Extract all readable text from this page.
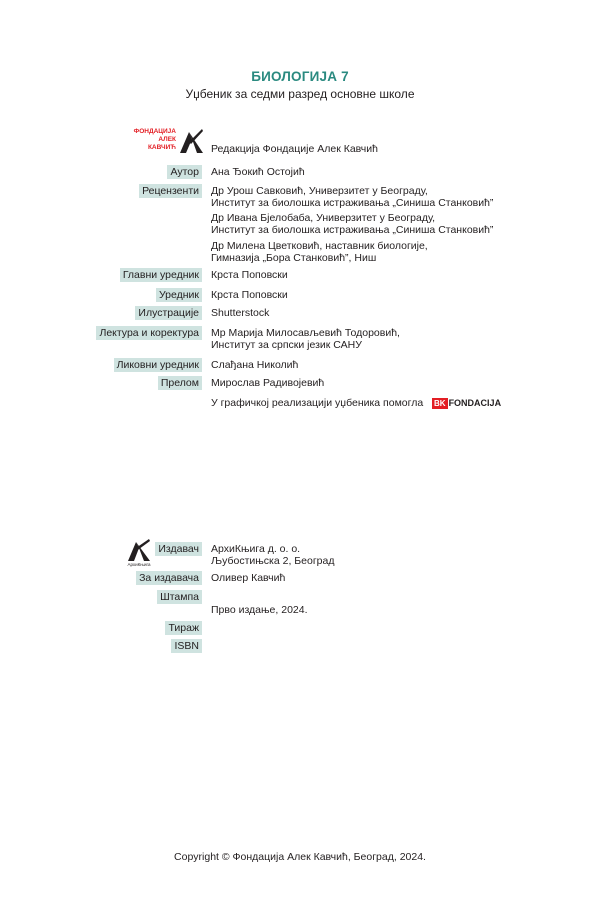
БИОЛОГИЈА 7
Уџбеник за седми разред основне школе
ФОНДАЦИЈА
АЛЕК
КАВЧИЋ	Редакција Фондације Алек Кавчић
Аутор Ана Ђокић Остојић
Рецензенти Др Урош Савковић, Универзитет у Београду,
Институт за биолошка истраживања „Синиша Станковић”
Др Ивана Бјелобаба, Универзитет у Београду,
Институт за биолошка истраживања „Синиша Станковић”
Др Милена Цветковић, наставник биологије,
Гимназија „Бора Станковић”, Ниш
Главни уредник Крста Поповски
Уредник Крста Поповски
Илустрације Shutterstock
Лектура и коректура Мр Марија Милосављевић Тодоровић,
Институт за српски језик САНУ
Ликовни уредник Слађана Николић
Прелом Мирослав Радивојевић
У графичкој реализацији уџбеника помогла BK FONDACIJA
АрхиКњига
Издавач АрхиКњига д. о. о.
Љубостињска 2, Београд
За издавача Оливер Кавчић
Штампа
Прво издање, 2024.
Тираж
ISBN
Copyright © Фондација Алек Кавчић, Београд, 2024.
